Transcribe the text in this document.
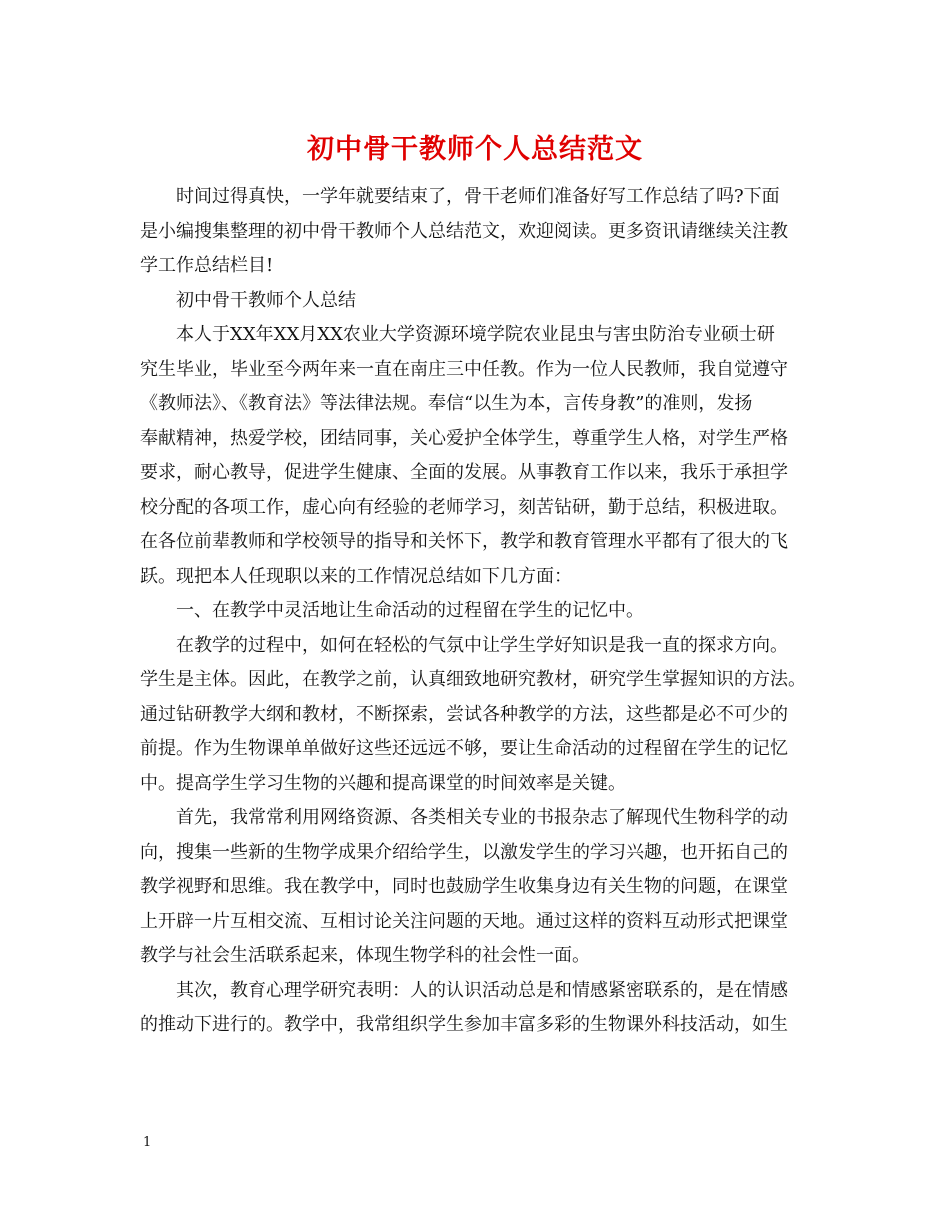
初中骨干教师个人总结范文
时间过得真快，一学年就要结束了，骨干老师们准备好写工作总结了吗?下面
是小编搜集整理的初中骨干教师个人总结范文，欢迎阅读。更多资讯请继续关注教
学工作总结栏目!
初中骨干教师个人总结
本人于XX年XX月XX农业大学资源环境学院农业昆虫与害虫防治专业硕士研
究生毕业，毕业至今两年来一直在南庄三中任教。作为一位人民教师，我自觉遵守
《教师法》、《教育法》等法律法规。奉信“以生为本，言传身教”的准则，发扬
奉献精神，热爱学校，团结同事，关心爱护全体学生，尊重学生人格，对学生严格
要求，耐心教导，促进学生健康、全面的发展。从事教育工作以来，我乐于承担学
校分配的各项工作，虚心向有经验的老师学习，刻苦钻研，勤于总结，积极进取。
在各位前辈教师和学校领导的指导和关怀下，教学和教育管理水平都有了很大的飞
跃。现把本人任现职以来的工作情况总结如下几方面：
一、在教学中灵活地让生命活动的过程留在学生的记忆中。
在教学的过程中，如何在轻松的气氛中让学生学好知识是我一直的探求方向。
学生是主体。因此，在教学之前，认真细致地研究教材，研究学生掌握知识的方法。
通过钻研教学大纲和教材，不断探索，尝试各种教学的方法，这些都是必不可少的
前提。作为生物课单单做好这些还远远不够，要让生命活动的过程留在学生的记忆
中。提高学生学习生物的兴趣和提高课堂的时间效率是关键。
首先，我常常利用网络资源、各类相关专业的书报杂志了解现代生物科学的动
向，搜集一些新的生物学成果介绍给学生，以激发学生的学习兴趣，也开拓自己的
教学视野和思维。我在教学中，同时也鼓励学生收集身边有关生物的问题，在课堂
上开辟一片互相交流、互相讨论关注问题的天地。通过这样的资料互动形式把课堂
教学与社会生活联系起来，体现生物学科的社会性一面。
其次，教育心理学研究表明：人的认识活动总是和情感紧密联系的，是在情感
的推动下进行的。教学中，我常组织学生参加丰富多彩的生物课外科技活动，如生
1
